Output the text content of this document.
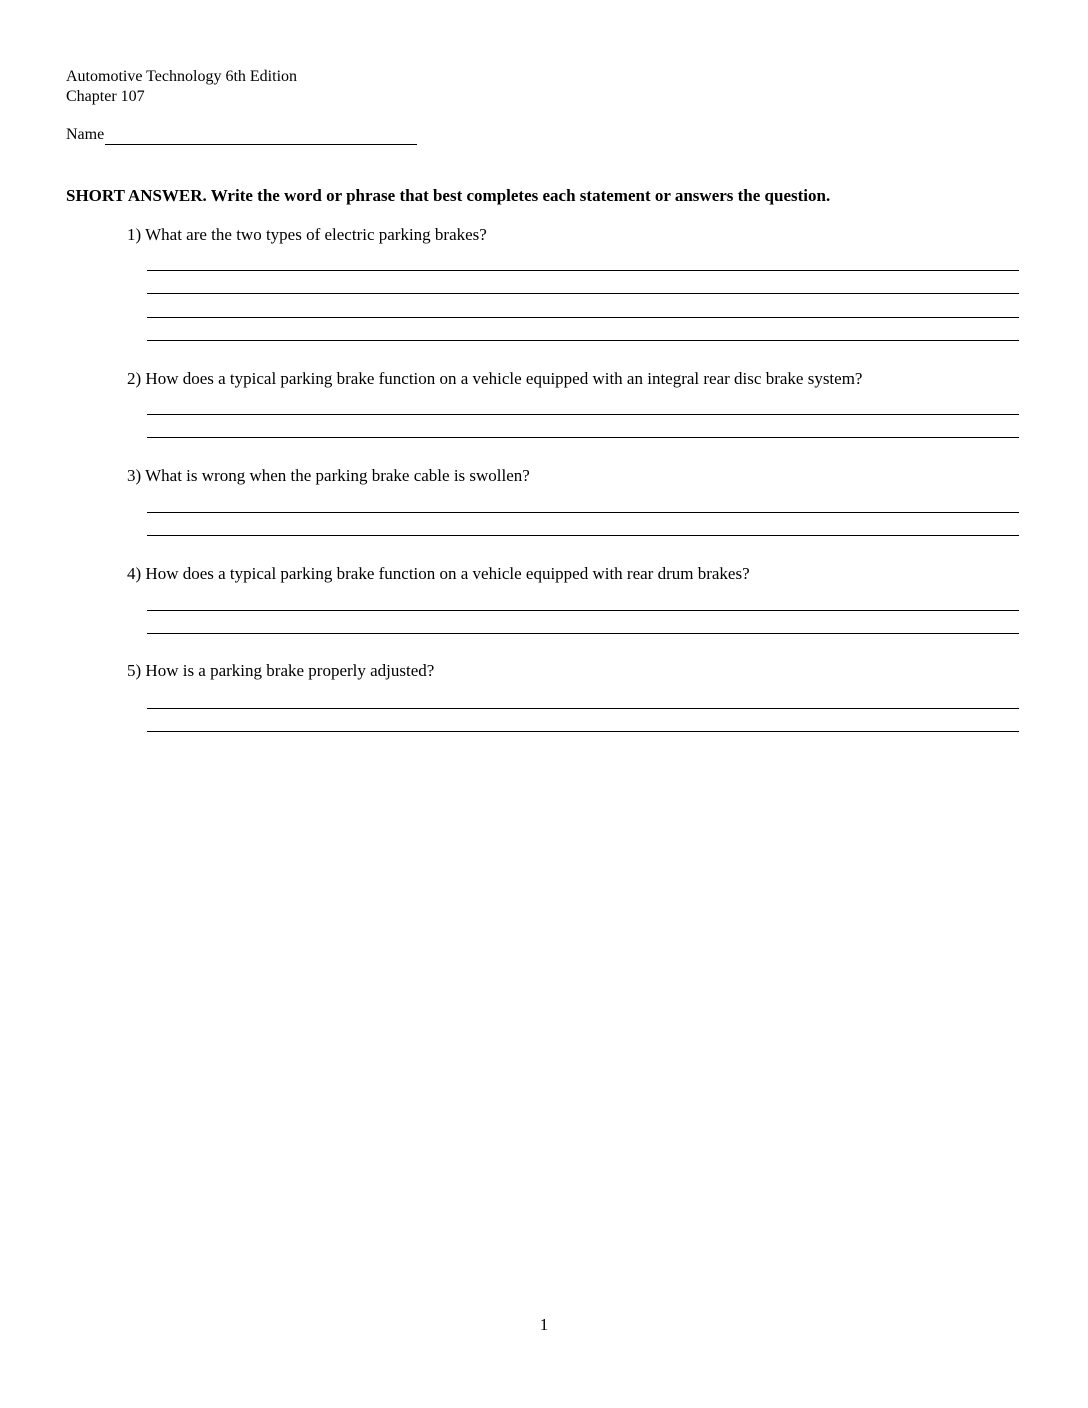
Automotive Technology 6th Edition
Chapter 107
Name
SHORT ANSWER. Write the word or phrase that best completes each statement or answers the question.
1) What are the two types of electric parking brakes?
2) How does a typical parking brake function on a vehicle equipped with an integral rear disc brake system?
3) What is wrong when the parking brake cable is swollen?
4) How does a typical parking brake function on a vehicle equipped with rear drum brakes?
5) How is a parking brake properly adjusted?
1
